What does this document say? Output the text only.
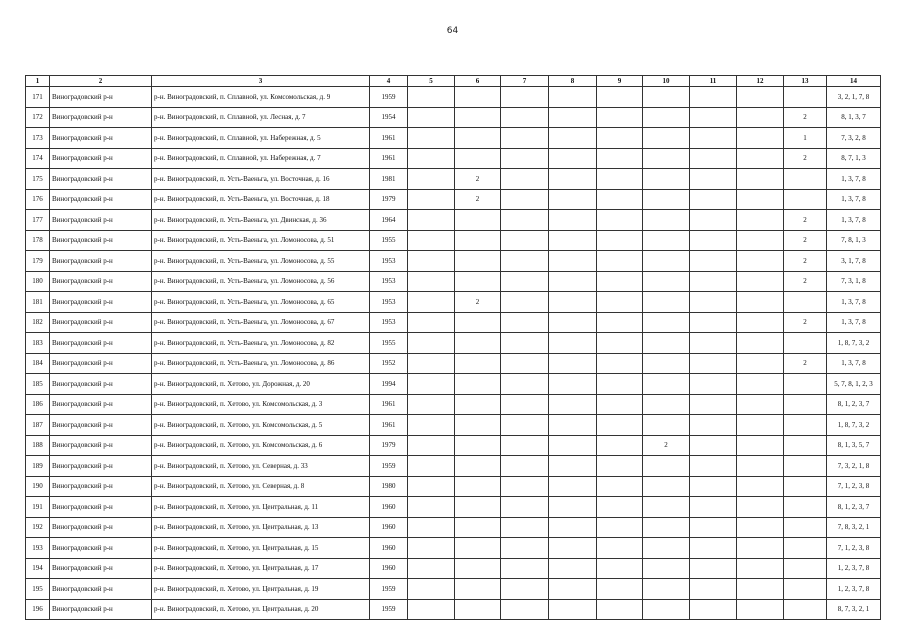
64
1	2	3	4	5	6	7	8	9	10	11	12	13	14
171	Виноградовский р-н	р-н. Виноградовский, п. Сплавной, ул. Комсомольская, д. 9	1959										3, 2, 1, 7, 8
172	Виноградовский р-н	р-н. Виноградовский, п. Сплавной, ул. Лесная, д. 7	1954									2	8, 1, 3, 7
173	Виноградовский р-н	р-н. Виноградовский, п. Сплавной, ул. Набережная, д. 5	1961									1	7, 3, 2, 8
174	Виноградовский р-н	р-н. Виноградовский, п. Сплавной, ул. Набережная, д. 7	1961									2	8, 7, 1, 3
175	Виноградовский р-н	р-н. Виноградовский, п. Усть-Ваеньга, ул. Восточная, д. 16	1981		2								1, 3, 7, 8
176	Виноградовский р-н	р-н. Виноградовский, п. Усть-Ваеньга, ул. Восточная, д. 18	1979		2								1, 3, 7, 8
177	Виноградовский р-н	р-н. Виноградовский, п. Усть-Ваеньга, ул. Двинская, д. 36	1964									2	1, 3, 7, 8
178	Виноградовский р-н	р-н. Виноградовский, п. Усть-Ваеньга, ул. Ломоносова, д. 51	1955									2	7, 8, 1, 3
179	Виноградовский р-н	р-н. Виноградовский, п. Усть-Ваеньга, ул. Ломоносова, д. 55	1953									2	3, 1, 7, 8
180	Виноградовский р-н	р-н. Виноградовский, п. Усть-Ваеньга, ул. Ломоносова, д. 56	1953									2	7, 3, 1, 8
181	Виноградовский р-н	р-н. Виноградовский, п. Усть-Ваеньга, ул. Ломоносова, д. 65	1953		2								1, 3, 7, 8
182	Виноградовский р-н	р-н. Виноградовский, п. Усть-Ваеньга, ул. Ломоносова, д. 67	1953									2	1, 3, 7, 8
183	Виноградовский р-н	р-н. Виноградовский, п. Усть-Ваеньга, ул. Ломоносова, д. 82	1955										1, 8, 7, 3, 2
184	Виноградовский р-н	р-н. Виноградовский, п. Усть-Ваеньга, ул. Ломоносова, д. 86	1952									2	1, 3, 7, 8
185	Виноградовский р-н	р-н. Виноградовский, п. Хетово, ул. Дорожная, д. 20	1994										5, 7, 8, 1, 2, 3
186	Виноградовский р-н	р-н. Виноградовский, п. Хетово, ул. Комсомольская, д. 3	1961										8, 1, 2, 3, 7
187	Виноградовский р-н	р-н. Виноградовский, п. Хетово, ул. Комсомольская, д. 5	1961										1, 8, 7, 3, 2
188	Виноградовский р-н	р-н. Виноградовский, п. Хетово, ул. Комсомольская, д. 6	1979						2				8, 1, 3, 5, 7
189	Виноградовский р-н	р-н. Виноградовский, п. Хетово, ул. Северная, д. 33	1959										7, 3, 2, 1, 8
190	Виноградовский р-н	р-н. Виноградовский, п. Хетово, ул. Северная, д. 8	1980										7, 1, 2, 3, 8
191	Виноградовский р-н	р-н. Виноградовский, п. Хетово, ул. Центральная, д. 11	1960										8, 1, 2, 3, 7
192	Виноградовский р-н	р-н. Виноградовский, п. Хетово, ул. Центральная, д. 13	1960										7, 8, 3, 2, 1
193	Виноградовский р-н	р-н. Виноградовский, п. Хетово, ул. Центральная, д. 15	1960										7, 1, 2, 3, 8
194	Виноградовский р-н	р-н. Виноградовский, п. Хетово, ул. Центральная, д. 17	1960										1, 2, 3, 7, 8
195	Виноградовский р-н	р-н. Виноградовский, п. Хетово, ул. Центральная, д. 19	1959										1, 2, 3, 7, 8
196	Виноградовский р-н	р-н. Виноградовский, п. Хетово, ул. Центральная, д. 20	1959										8, 7, 3, 2, 1
